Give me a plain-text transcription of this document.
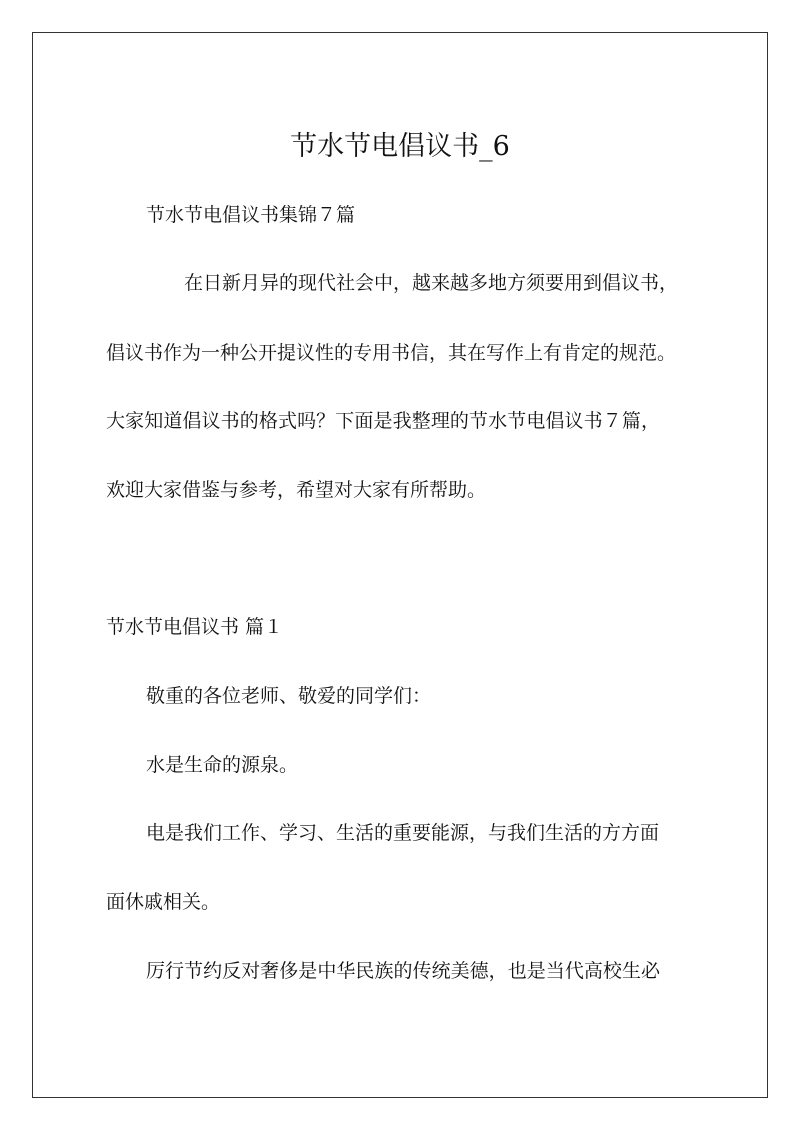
节水节电倡议书_6
节水节电倡议书集锦７篇
在日新月异的现代社会中，越来越多地方须要用到倡议书，
倡议书作为一种公开提议性的专用书信，其在写作上有肯定的规范。
大家知道倡议书的格式吗？下面是我整理的节水节电倡议书７篇，
欢迎大家借鉴与参考，希望对大家有所帮助。
节水节电倡议书 篇１
敬重的各位老师、敬爱的同学们：
水是生命的源泉。
电是我们工作、学习、生活的重要能源，与我们生活的方方面
面休戚相关。
厉行节约反对奢侈是中华民族的传统美德，也是当代高校生必
